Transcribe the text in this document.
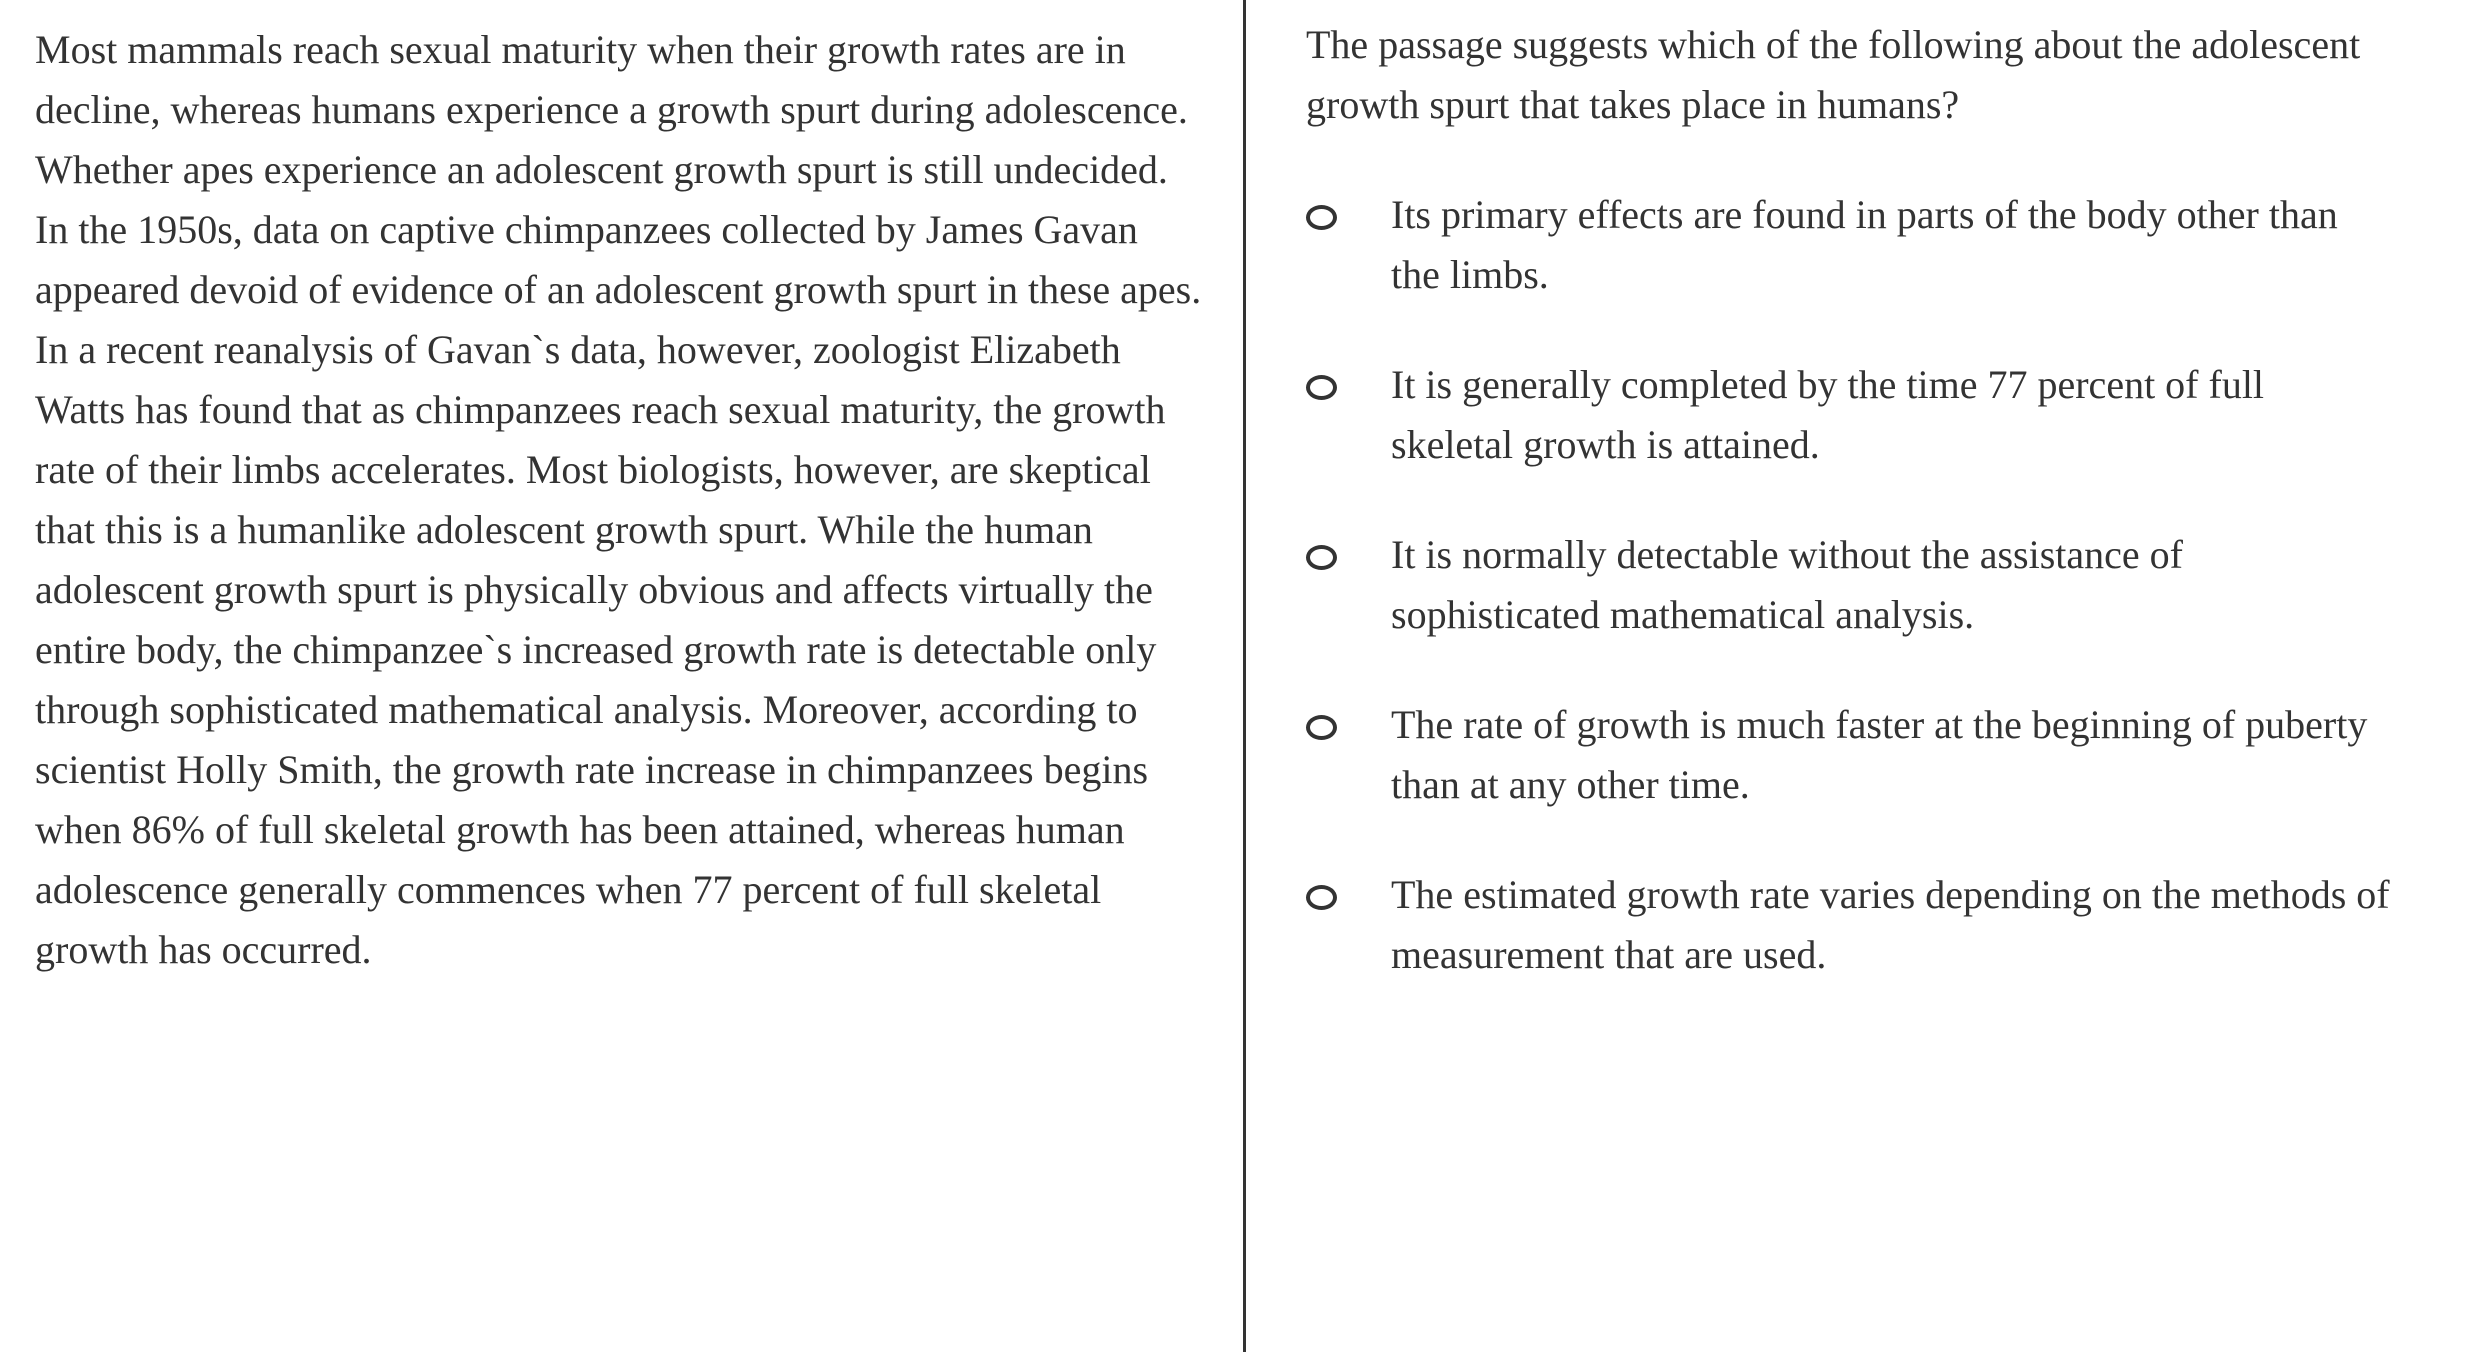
Most mammals reach sexual maturity when their growth rates are in decline, whereas humans experience a growth spurt during adolescence. Whether apes experience an adolescent growth spurt is still undecided. In the 1950s, data on captive chimpanzees collected by James Gavan appeared devoid of evidence of an adolescent growth spurt in these apes. In a recent reanalysis of Gavan`s data, however, zoologist Elizabeth Watts has found that as chimpanzees reach sexual maturity, the growth rate of their limbs accelerates. Most biologists, however, are skeptical that this is a humanlike adolescent growth spurt. While the human adolescent growth spurt is physically obvious and affects virtually the entire body, the chimpanzee`s increased growth rate is detectable only through sophisticated mathematical analysis. Moreover, according to scientist Holly Smith, the growth rate increase in chimpanzees begins when 86% of full skeletal growth has been attained, whereas human adolescence generally commences when 77 percent of full skeletal growth has occurred.

The passage suggests which of the following about the adolescent growth spurt that takes place in humans?

Its primary effects are found in parts of the body other than the limbs.
It is generally completed by the time 77 percent of full skeletal growth is attained.
It is normally detectable without the assistance of sophisticated mathematical analysis.
The rate of growth is much faster at the beginning of puberty than at any other time.
The estimated growth rate varies depending on the methods of measurement that are used.
